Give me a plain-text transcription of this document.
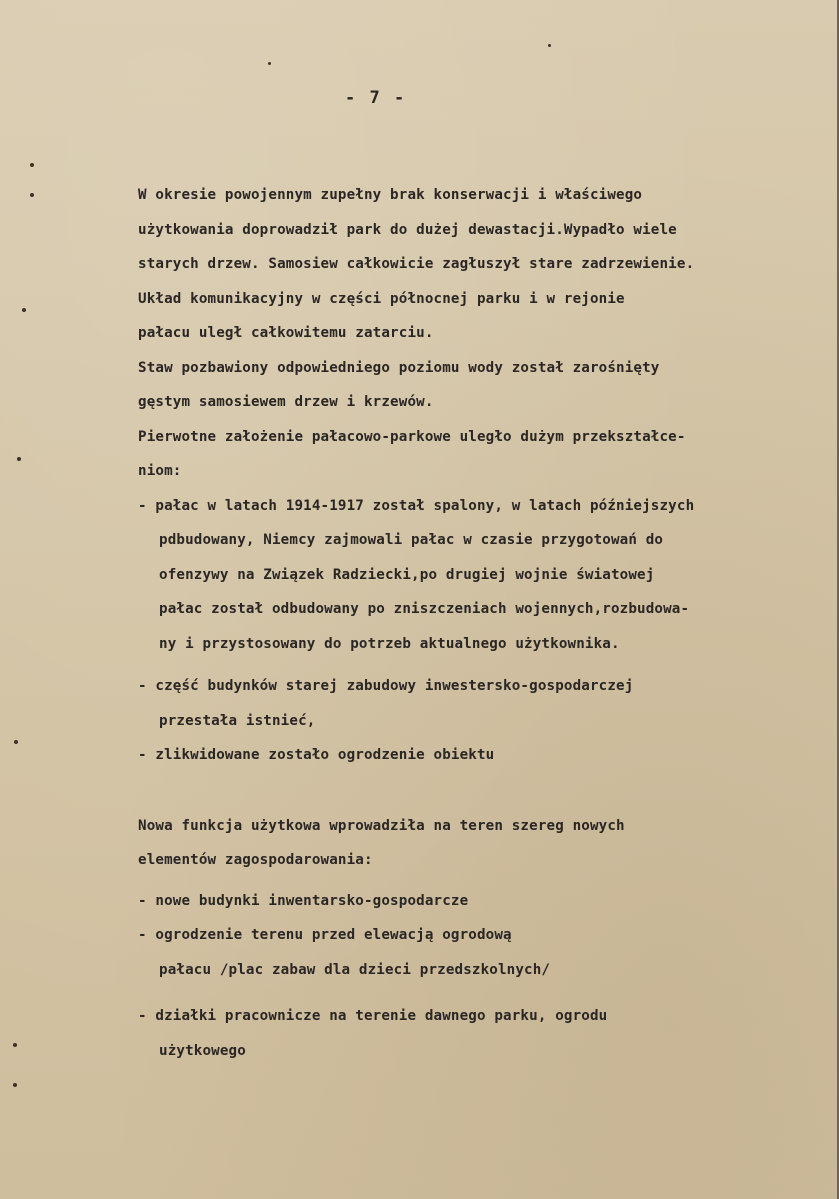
- 7 -
W okresie powojennym zupełny brak konserwacji i właściwego
użytkowania doprowadził park do dużej dewastacji.Wypadło wiele
starych drzew. Samosiew całkowicie zagłuszył stare zadrzewienie.
Układ komunikacyjny w części północnej parku i w rejonie
pałacu uległ całkowitemu zatarciu.
Staw pozbawiony odpowiedniego poziomu wody został zarośnięty
gęstym samosiewem drzew i krzewów.
Pierwotne założenie pałacowo-parkowe uległo dużym przekształce-
niom:
- pałac w latach 1914-1917 został spalony, w latach późniejszych
pdbudowany, Niemcy zajmowali pałac w czasie przygotowań do
ofenzywy na Związek Radziecki,po drugiej wojnie światowej
pałac został odbudowany po zniszczeniach wojennych,rozbudowa-
ny i przystosowany do potrzeb aktualnego użytkownika.
- część budynków starej zabudowy inwestersko-gospodarczej
przestała istnieć,
- zlikwidowane zostało ogrodzenie obiektu
Nowa funkcja użytkowa wprowadziła na teren szereg nowych
elementów zagospodarowania:
- nowe budynki inwentarsko-gospodarcze
- ogrodzenie terenu przed elewacją ogrodową
pałacu /plac zabaw dla dzieci przedszkolnych/
- działki pracownicze na terenie dawnego parku, ogrodu
użytkowego
